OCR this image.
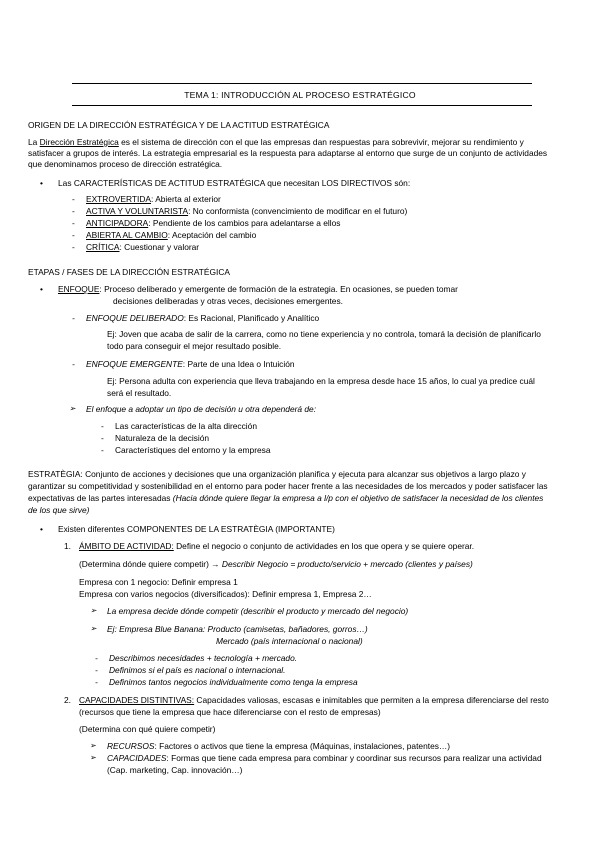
TEMA 1: INTRODUCCIÓN AL PROCESO ESTRATÉGICO
ORIGEN DE LA DIRECCIÓN ESTRATÉGICA Y DE LA ACTITUD ESTRATÉGICA
La Dirección Estratégica es el sistema de dirección con el que las empresas dan respuestas para sobrevivir, mejorar su rendimiento y
satisfacer a grupos de interés. La estrategia empresarial es la respuesta para adaptarse al entorno que surge de un conjunto de actividades
que denominamos proceso de dirección estratégica.
• Las CARACTERÍSTICAS DE ACTITUD ESTRATÉGICA que necesitan LOS DIRECTIVOS són:
- EXTROVERTIDA: Abierta al exterior
- ACTIVA Y VOLUNTARISTA: No conformista (convencimiento de modificar en el futuro)
- ANTICIPADORA: Pendiente de los cambios para adelantarse a ellos
- ABIERTA AL CAMBIO: Aceptación del cambio
- CRÍTICA: Cuestionar y valorar
ETAPAS / FASES DE LA DIRECCIÓN ESTRATÉGICA
• ENFOQUE: Proceso deliberado y emergente de formación de la estrategia. En ocasiones, se pueden tomar
decisiones deliberadas y otras veces, decisiones emergentes.
- ENFOQUE DELIBERADO: Es Racional, Planificado y Analítico
Ej: Joven que acaba de salir de la carrera, como no tiene experiencia y no controla, tomará la decisión de planificarlo
todo para conseguir el mejor resultado posible.
- ENFOQUE EMERGENTE: Parte de una Idea o Intuición
Ej: Persona adulta con experiencia que lleva trabajando en la empresa desde hace 15 años, lo cual ya predice cuál
será el resultado.
➢ El enfoque a adoptar un tipo de decisión u otra dependerá de:
- Las características de la alta dirección
- Naturaleza de la decisión
- Característiques del entorno y la empresa
ESTRATÈGIA: Conjunto de acciones y decisiones que una organización planifica y ejecuta para alcanzar sus objetivos a largo plazo y
garantizar su competitividad y sostenibilidad en el entorno para poder hacer frente a las necesidades de los mercados y poder satisfacer las
expectativas de las partes interesadas (Hacia dónde quiere llegar la empresa a l/p con el objetivo de satisfacer la necesidad de los clientes
de los que sirve)
• Existen diferentes COMPONENTES DE LA ESTRATÈGIA (IMPORTANTE)
1. ÁMBITO DE ACTIVIDAD: Define el negocio o conjunto de actividades en los que opera y se quiere operar.
(Determina dónde quiere competir) → Describir Negocio = producto/servicio + mercado (clientes y países)
Empresa con 1 negocio: Definir empresa 1
Empresa con varios negocios (diversificados): Definir empresa 1, Empresa 2…
➢ La empresa decide dónde competir (describir el producto y mercado del negocio)
➢ Ej: Empresa Blue Banana: Producto (camisetas, bañadores, gorros…)
Mercado (país internacional o nacional)
- Describimos necesidades + tecnología + mercado.
- Definimos si el país es nacional o internacional.
- Definimos tantos negocios individualmente como tenga la empresa
2. CAPACIDADES DISTINTIVAS: Capacidades valiosas, escasas e inimitables que permiten a la empresa diferenciarse del resto
(recursos que tiene la empresa que hace diferenciarse con el resto de empresas)
(Determina con qué quiere competir)
➢ RECURSOS: Factores o activos que tiene la empresa (Máquinas, instalaciones, patentes…)
➢ CAPACIDADES: Formas que tiene cada empresa para combinar y coordinar sus recursos para realizar una actividad
(Cap. marketing, Cap. innovación…)
